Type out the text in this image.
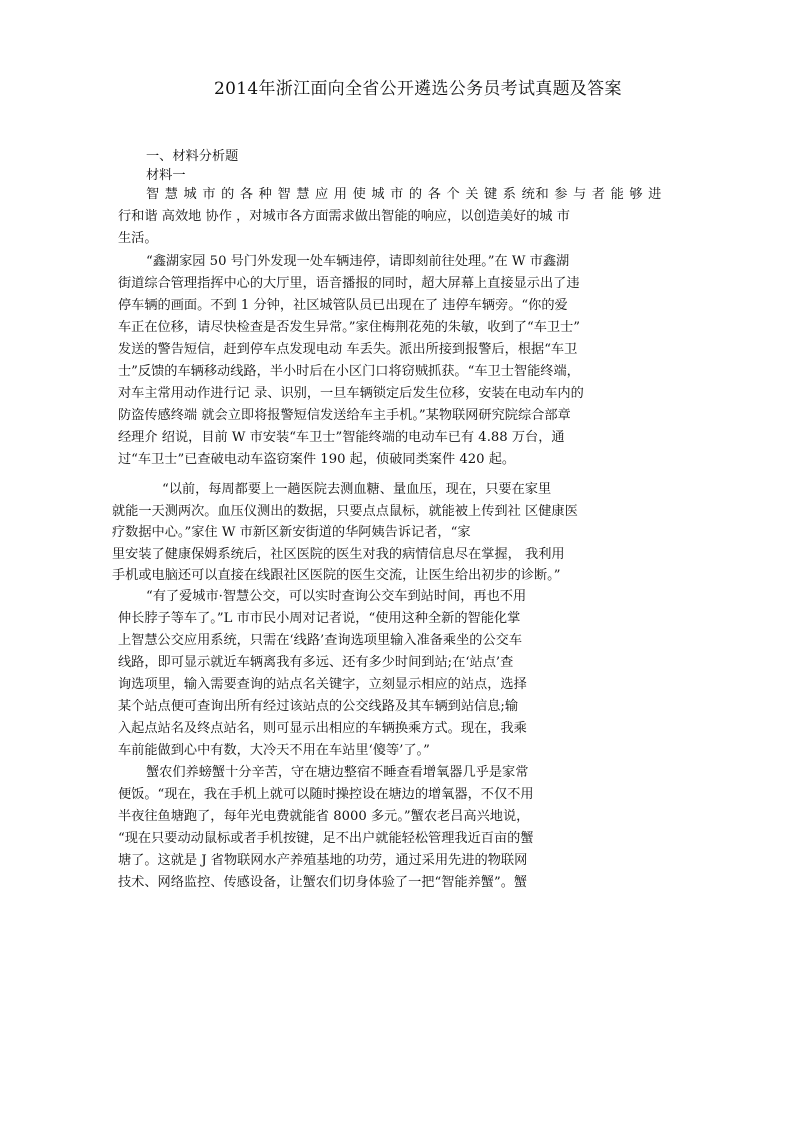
2014年浙江面向全省公开遴选公务员考试真题及答案
一、材料分析题
材料一
智 慧 城 市 的 各 种 智 慧 应 用 使 城 市 的 各 个 关 键 系 统和 参 与 者 能 够 进
行和谐 高效地 协作 ，对城市各方面需求做出智能的响应，以创造美好的城 市
生活。
“鑫湖家园 50 号门外发现一处车辆违停，请即刻前往处理。”在 W 市鑫湖
街道综合管理指挥中心的大厅里，语音播报的同时，超大屏幕上直接显示出了违
停车辆的画面。不到 1 分钟，社区城管队员已出现在了 违停车辆旁。“你的爱
车正在位移，请尽快检查是否发生异常。”家住梅荆花苑的朱敏，收到了“车卫士”
发送的警告短信，赶到停车点发现电动 车丢失。派出所接到报警后，根据“车卫
士”反馈的车辆移动线路，半小时后在小区门口将窃贼抓获。“车卫士智能终端，
对车主常用动作进行记 录、识别，一旦车辆锁定后发生位移，安装在电动车内的
防盗传感终端 就会立即将报警短信发送给车主手机。”某物联网研究院综合部章
经理介 绍说，目前 W 市安装“车卫士”智能终端的电动车已有 4.88 万台，通
过“车卫士”已查破电动车盗窃案件 190 起，侦破同类案件 420 起。
“以前，每周都要上一趟医院去测血糖、量血压，现在，只要在家里
就能一天测两次。血压仪测出的数据，只要点点鼠标，就能被上传到社 区健康医
疗数据中心。”家住 W 市新区新安街道的华阿姨告诉记者，“家
里安装了健康保姆系统后，社区医院的医生对我的病情信息尽在掌握， 我利用
手机或电脑还可以直接在线跟社区医院的医生交流，让医生给出初步的诊断。”
“有了爱城市·智慧公交，可以实时查询公交车到站时间，再也不用
伸长脖子等车了。”L 市市民小周对记者说，“使用这种全新的智能化掌
上智慧公交应用系统，只需在‘线路’查询选项里输入准备乘坐的公交车
线路，即可显示就近车辆离我有多远、还有多少时间到站;在‘站点’查
询选项里，输入需要查询的站点名关键字，立刻显示相应的站点，选择
某个站点便可查询出所有经过该站点的公交线路及其车辆到站信息;输
入起点站名及终点站名，则可显示出相应的车辆换乘方式。现在，我乘
车前能做到心中有数，大冷天不用在车站里‘傻等’了。”
蟹农们养螃蟹十分辛苦，守在塘边整宿不睡查看增氧器几乎是家常
便饭。“现在，我在手机上就可以随时操控设在塘边的增氧器，不仅不用
半夜往鱼塘跑了，每年光电费就能省 8000 多元。”蟹农老吕高兴地说，
“现在只要动动鼠标或者手机按键，足不出户就能轻松管理我近百亩的蟹
塘了。这就是 J 省物联网水产养殖基地的功劳，通过采用先进的物联网
技术、网络监控、传感设备，让蟹农们切身体验了一把“智能养蟹”。蟹
